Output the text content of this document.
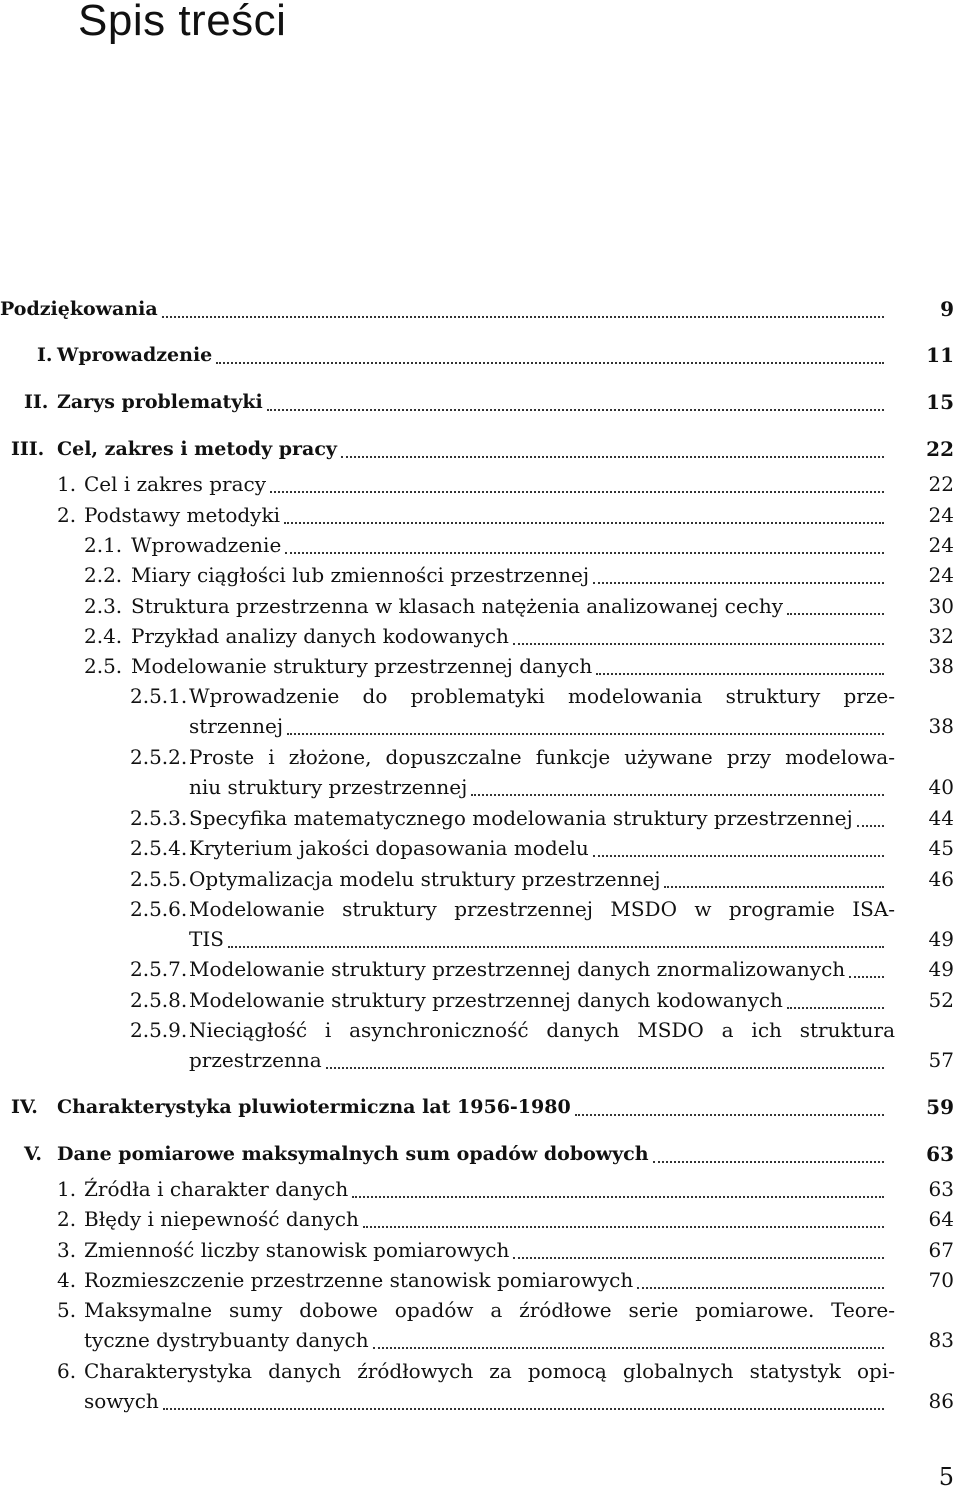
Spis treści
Podziękowania	9
I. Wprowadzenie	11
II. Zarys problematyki	15
III. Cel, zakres i metody pracy	22
1. Cel i zakres pracy	22
2. Podstawy metodyki	24
2.1. Wprowadzenie	24
2.2. Miary ciągłości lub zmienności przestrzennej	24
2.3. Struktura przestrzenna w klasach natężenia analizowanej cechy	30
2.4. Przykład analizy danych kodowanych	32
2.5. Modelowanie struktury przestrzennej danych	38
2.5.1. Wprowadzenie do problematyki modelowania struktury prze-
strzennej	38
2.5.2. Proste i złożone, dopuszczalne funkcje używane przy modelowa-
niu struktury przestrzennej	40
2.5.3. Specyfika matematycznego modelowania struktury przestrzennej	44
2.5.4. Kryterium jakości dopasowania modelu	45
2.5.5. Optymalizacja modelu struktury przestrzennej	46
2.5.6. Modelowanie struktury przestrzennej MSDO w programie ISA-
TIS	49
2.5.7. Modelowanie struktury przestrzennej danych znormalizowanych	49
2.5.8. Modelowanie struktury przestrzennej danych kodowanych	52
2.5.9. Nieciągłość i asynchroniczność danych MSDO a ich struktura
przestrzenna	57
IV. Charakterystyka pluwiotermiczna lat 1956-1980	59
V. Dane pomiarowe maksymalnych sum opadów dobowych	63
1. Źródła i charakter danych	63
2. Błędy i niepewność danych	64
3. Zmienność liczby stanowisk pomiarowych	67
4. Rozmieszczenie przestrzenne stanowisk pomiarowych	70
5. Maksymalne sumy dobowe opadów a źródłowe serie pomiarowe. Teore-
tyczne dystrybuanty danych	83
6. Charakterystyka danych źródłowych za pomocą globalnych statystyk opi-
sowych	86
5
